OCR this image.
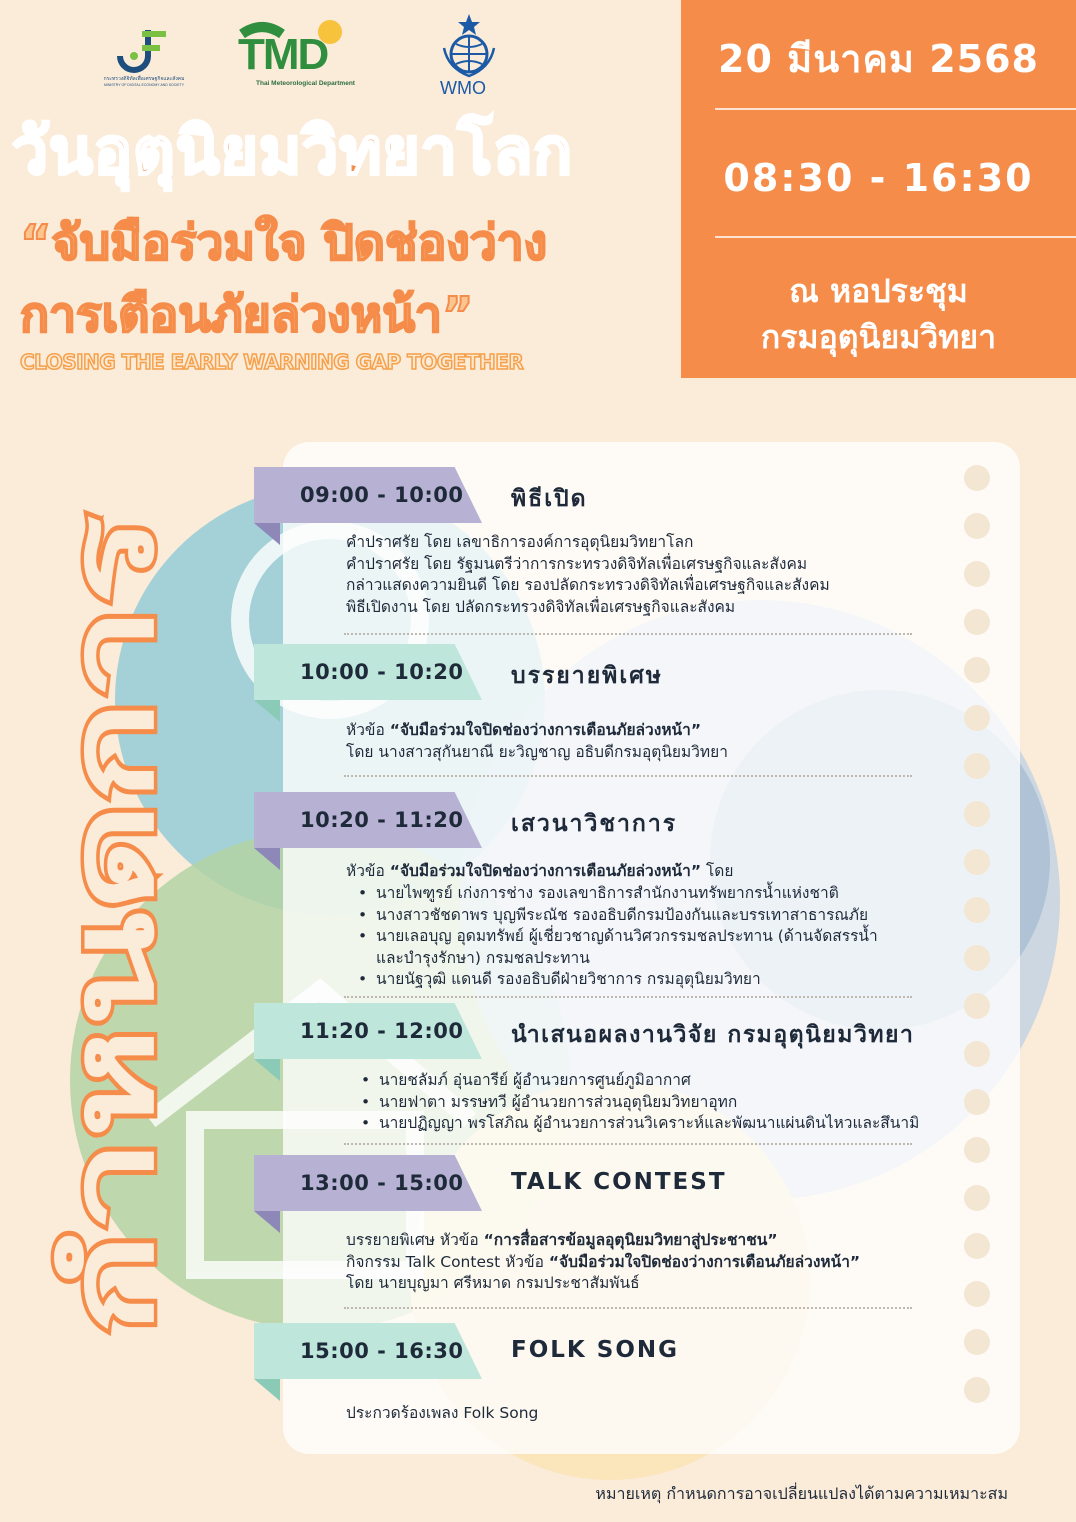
กระทรวงดิจิทัลเพื่อเศรษฐกิจและสังคม
MINISTRY OF DIGITAL ECONOMY AND SOCIETY
TMD
Thai Meteorological Department	WMO
วันอุตุนิยมวิทยาโลก
“จับมือร่วมใจ ปิดช่องว่าง
การเตือนภัยล่วงหน้า”
CLOSING THE EARLY WARNING GAP TOGETHER
20 มีนาคม 2568
08:30 - 16:30
ณ หอประชุม
กรมอุตุนิยมวิทยา
กำหนดการ
09:00 - 10:00 พิธีเปิด
คำปราศรัย โดย เลขาธิการองค์การอุตุนิยมวิทยาโลก
คำปราศรัย โดย รัฐมนตรีว่าการกระทรวงดิจิทัลเพื่อเศรษฐกิจและสังคม
กล่าวแสดงความยินดี โดย รองปลัดกระทรวงดิจิทัลเพื่อเศรษฐกิจและสังคม
พิธีเปิดงาน โดย ปลัดกระทรวงดิจิทัลเพื่อเศรษฐกิจและสังคม
10:00 - 10:20 บรรยายพิเศษ
หัวข้อ “จับมือร่วมใจปิดช่องว่างการเตือนภัยล่วงหน้า”
โดย นางสาวสุกันยาณี ยะวิญชาญ อธิบดีกรมอุตุนิยมวิทยา
10:20 - 11:20 เสวนาวิชาการ
หัวข้อ “จับมือร่วมใจปิดช่องว่างการเตือนภัยล่วงหน้า” โดย
• นายไพฑูรย์ เก่งการช่าง รองเลขาธิการสำนักงานทรัพยากรน้ำแห่งชาติ
• นางสาวชัชดาพร บุญพีระณัช รองอธิบดีกรมป้องกันและบรรเทาสาธารณภัย
• นายเลอบุญ อุดมทรัพย์ ผู้เชี่ยวชาญด้านวิศวกรรมชลประทาน (ด้านจัดสรรน้ำ
และบำรุงรักษา) กรมชลประทาน
• นายนัฐวุฒิ แดนดี รองอธิบดีฝ่ายวิชาการ กรมอุตุนิยมวิทยา
11:20 - 12:00 นำเสนอผลงานวิจัย กรมอุตุนิยมวิทยา
• นายชลัมภ์ อุ่นอารีย์ ผู้อำนวยการศูนย์ภูมิอากาศ
• นายฟาตา มรรษทวี ผู้อำนวยการส่วนอุตุนิยมวิทยาอุทก
• นายปฏิญญา พรโสภิณ ผู้อำนวยการส่วนวิเคราะห์และพัฒนาแผ่นดินไหวและสึนามิ
13:00 - 15:00 TALK CONTEST
บรรยายพิเศษ หัวข้อ “การสื่อสารข้อมูลอุตุนิยมวิทยาสู่ประชาชน”
กิจกรรม Talk Contest หัวข้อ “จับมือร่วมใจปิดช่องว่างการเตือนภัยล่วงหน้า”
โดย นายบุญมา ศรีหมาด กรมประชาสัมพันธ์
15:00 - 16:30 FOLK SONG
ประกวดร้องเพลง Folk Song
หมายเหตุ กำหนดการอาจเปลี่ยนแปลงได้ตามความเหมาะสม
